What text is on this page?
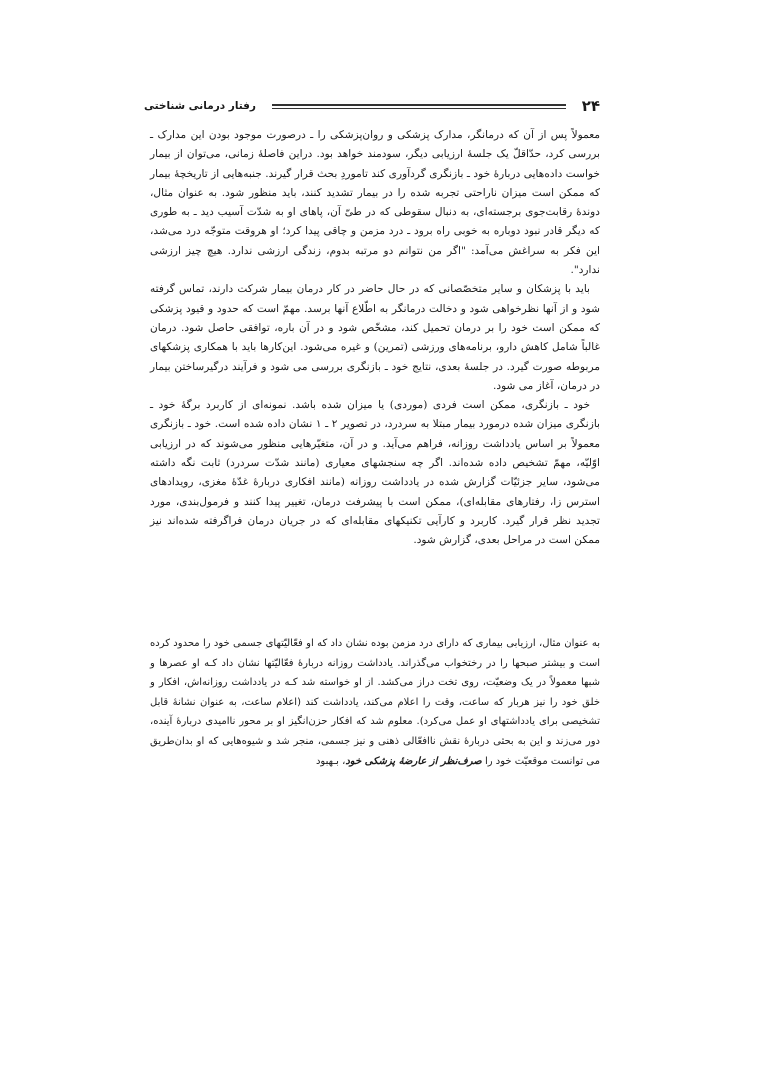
۲۴
رفتار درمانی شناختی

معمولاً پس از آن که درمانگر، مدارک پزشکی و روان‌پزشکی را ـ درصورت موجود بودن این مدارک ـ بررسی کرد، حدّاقلّ یک جلسهٔ ارزیابی دیگر، سودمند خواهد بود. دراین فاصلهٔ زمانی، می‌توان از بیمار خواست داده‌هایی دربارهٔ خود ـ بازنگری گردآوری کند تاموردِ بحث قرار گیرند. جنبه‌هایی از تاریخچهٔ بیمار که ممکن است میزان ناراحتی تجربه شده را در بیمار تشدید کنند، باید منظور شود. به عنوان مثال، دوندهٔ رقابت‌جوی برجسته‌ای، به دنبال سقوطی که در طیّ آن، پاهای او به شدّت آسیب دید ـ به طوری که دیگر قادر نبود دوباره به خوبی راه برود ـ درد مزمن و چاقی پیدا کرد؛ او هروقت متوجّه درد می‌شد، این فکر به سراغش می‌آمد: "اگر من نتوانم دو مرتبه بدوم، زندگی ارزشی ندارد. هیچ چیز ارزشی ندارد".

باید با پزشکان و سایر متخصّصانی که در حال حاضر در کار درمان بیمار شرکت دارند، تماس گرفته شود و از آنها نظرخواهی شود و دخالت درمانگر به اطّلاع آنها برسد. مهمّ است که حدود و قیود پزشکی که ممکن است خود را بر درمان تحمیل کند، مشخّص شود و در آن باره، توافقی حاصل شود. درمان غالباً شامل کاهش دارو، برنامه‌های ورزشی (تمرین) و غیره می‌شود. این‌کارها باید با همکاری پزشکهای مربوطه صورت گیرد. در جلسهٔ بعدی، نتایج خود ـ بازنگری بررسی می شود و فرآیند درگیرساختن بیمار در درمان، آغاز می شود.

خود ـ بازنگری، ممکن است فردی (موردی) یا میزان شده باشد. نمونه‌ای از کاربرد برگهٔ خود ـ بازنگری میزان شده درمورد بیمار مبتلا به سردرد، در تصویر ۲ ـ ۱ نشان داده شده است. خود ـ بازنگری معمولاً بر اساس یادداشت روزانه، فراهم می‌آید. و در آن، متغیّرهایی منظور می‌شوند که در ارزیابی اوّلیّه، مهمّ تشخیص داده شده‌اند. اگر چه سنجشهای معیاری (مانند شدّت سردرد) ثابت نگه داشته می‌شود، سایر جزئیّات گزارش شده در یادداشت روزانه (مانند افکاری دربارهٔ غدّهٔ مغزی، رویدادهای استرس زا، رفتارهای مقابله‌ای)، ممکن است با پیشرفت درمان، تغییر پیدا کنند و فرمول‌بندی، مورد تجدید نظر قرار گیرد. کاربرد و کارآیی تکنیکهای مقابله‌ای که در جریان درمان فراگرفته شده‌اند نیز ممکن است در مراحل بعدی، گزارش شود.

به عنوان مثال، ارزیابی بیماری که دارای درد مزمن بوده نشان داد که او فعّالیّتهای جسمی خود را محدود کرده است و بیشتر صبحها را در رختخواب می‌گذراند. یادداشت روزانه دربارهٔ فعّالیّتها نشان داد کـه او عصرها و شبها معمولاً در یک وضعیّت، روی تخت دراز می‌کشد. از او خواسته شد کـه در یادداشت روزانه‌اش، افکار و خلق خود را نیز هربار که ساعت، وقت را اعلام می‌کند، یادداشت کند (اعلام ساعت، به عنوان نشانهٔ قابل تشخیصی برای یادداشتهای او عمل می‌کرد). معلوم شد که افکار حزن‌انگیز او بر محور ناامیدی دربارهٔ آینده، دور می‌زند و این به بحثی دربارهٔ نقش ناافعّالی ذهنی و نیز جسمی، منجر شد و شیوه‌هایی که او بدان‌طریق می توانست موقعیّت خود را صرف‌نظر از عارضهٔ پزشکی خود، بـهبود
